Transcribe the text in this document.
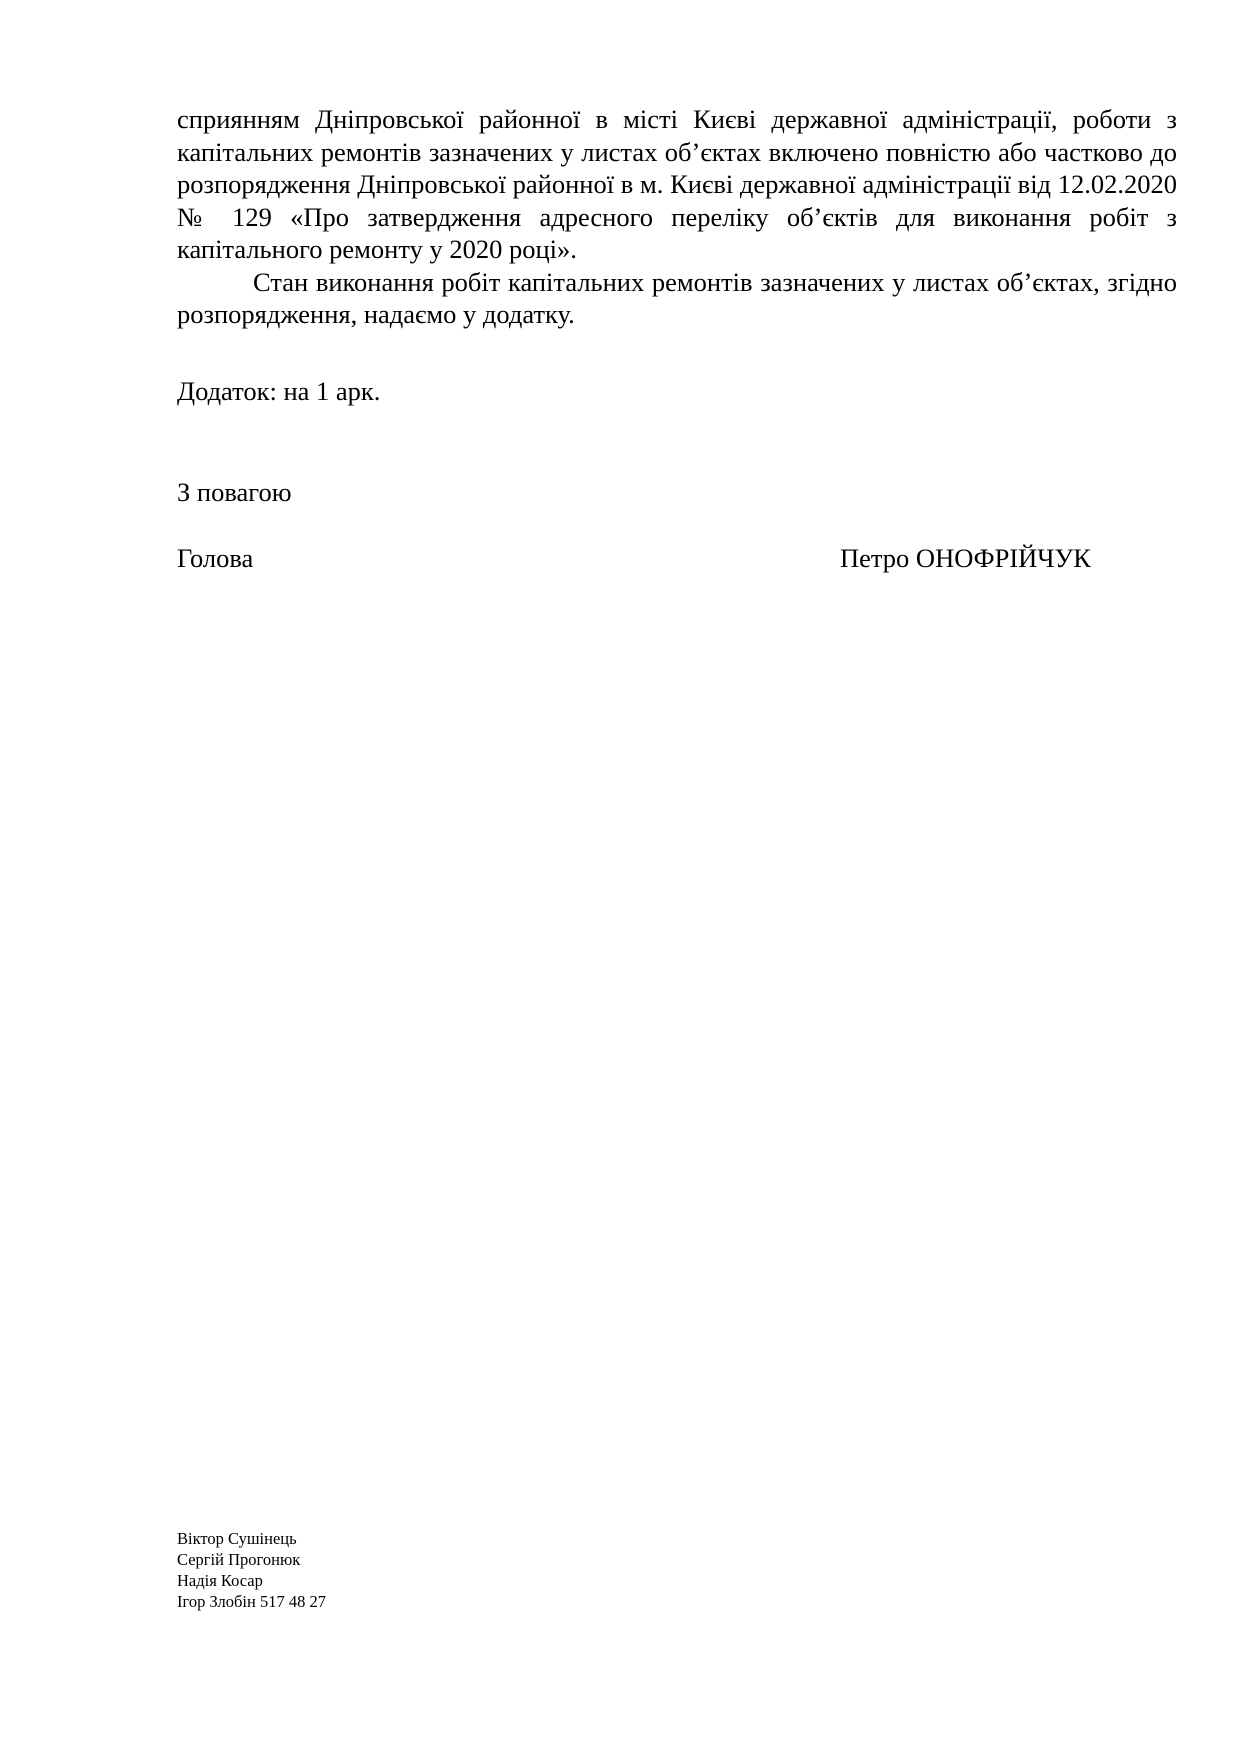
сприянням Дніпровської районної в місті Києві державної адміністрації, роботи з капітальних ремонтів зазначених у листах об’єктах включено повністю або частково до розпорядження Дніпровської районної в м. Києві державної адміністрації від 12.02.2020 № 129 «Про затвердження адресного переліку об’єктів для виконання робіт з капітального ремонту у 2020 році».

Стан виконання робіт капітальних ремонтів зазначених у листах об’єктах, згідно розпорядження, надаємо у додатку.

Додаток: на 1 арк.
З повагою
Голова	Петро ОНОФРІЙЧУК
Віктор Сушінець
Сергій Прогонюк
Надія Косар
Ігор Злобін 517 48 27
